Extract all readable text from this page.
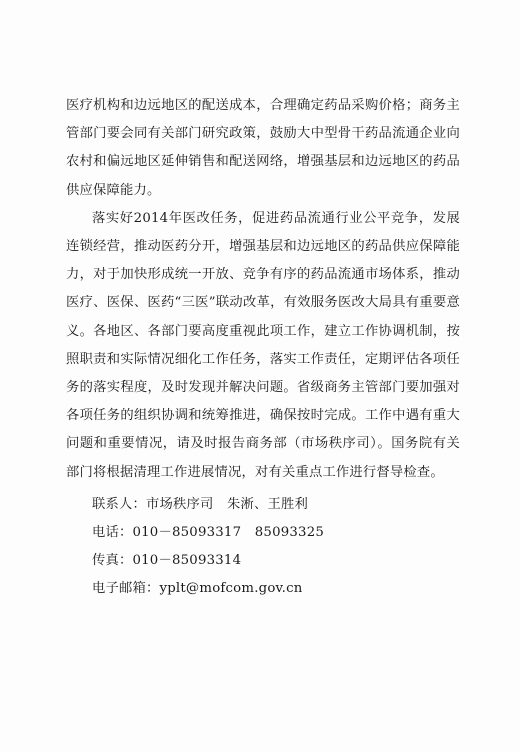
医疗机构和边远地区的配送成本，合理确定药品采购价格；商务主管部门要会同有关部门研究政策，鼓励大中型骨干药品流通企业向农村和偏远地区延伸销售和配送网络，增强基层和边远地区的药品供应保障能力。

落实好2014年医改任务，促进药品流通行业公平竞争，发展连锁经营，推动医药分开，增强基层和边远地区的药品供应保障能力，对于加快形成统一开放、竞争有序的药品流通市场体系，推动医疗、医保、医药“三医”联动改革，有效服务医改大局具有重要意义。各地区、各部门要高度重视此项工作，建立工作协调机制，按照职责和实际情况细化工作任务，落实工作责任，定期评估各项任务的落实程度，及时发现并解决问题。省级商务主管部门要加强对各项任务的组织协调和统筹推进，确保按时完成。工作中遇有重大问题和重要情况，请及时报告商务部（市场秩序司）。国务院有关部门将根据清理工作进展情况，对有关重点工作进行督导检查。

联系人：市场秩序司　朱淅、王胜利

电话：010－85093317　85093325

传真：010－85093314

电子邮箱：yplt@mofcom.gov.cn
